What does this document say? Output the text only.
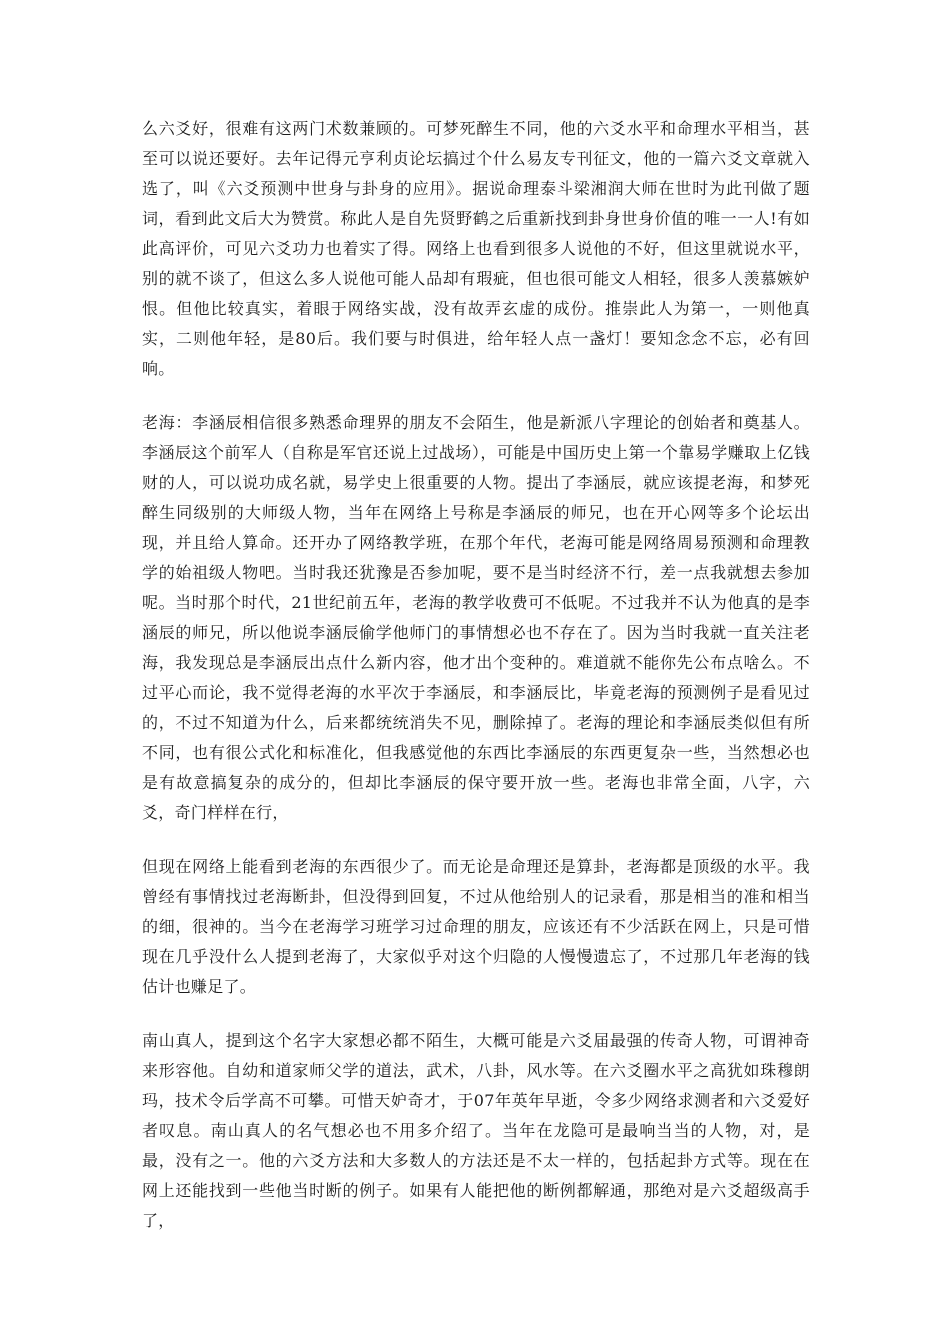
么六爻好，很难有这两门术数兼顾的。可梦死醉生不同，他的六爻水平和命理水平相当，甚至可以说还要好。去年记得元亨利贞论坛搞过个什么易友专刊征文，他的一篇六爻文章就入选了，叫《六爻预测中世身与卦身的应用》。据说命理泰斗梁湘润大师在世时为此刊做了题词，看到此文后大为赞赏。称此人是自先贤野鹤之后重新找到卦身世身价值的唯一一人!有如此高评价，可见六爻功力也着实了得。网络上也看到很多人说他的不好，但这里就说水平，别的就不谈了，但这么多人说他可能人品却有瑕疵，但也很可能文人相轻，很多人羡慕嫉妒恨。但他比较真实，着眼于网络实战，没有故弄玄虚的成份。推崇此人为第一，一则他真实，二则他年轻，是80后。我们要与时俱进，给年轻人点一盏灯！要知念念不忘，必有回响。

老海：李涵辰相信很多熟悉命理界的朋友不会陌生，他是新派八字理论的创始者和奠基人。李涵辰这个前军人（自称是军官还说上过战场），可能是中国历史上第一个靠易学赚取上亿钱财的人，可以说功成名就，易学史上很重要的人物。提出了李涵辰，就应该提老海，和梦死醉生同级别的大师级人物，当年在网络上号称是李涵辰的师兄，也在开心网等多个论坛出现，并且给人算命。还开办了网络教学班，在那个年代，老海可能是网络周易预测和命理教学的始祖级人物吧。当时我还犹豫是否参加呢，要不是当时经济不行，差一点我就想去参加呢。当时那个时代，21世纪前五年，老海的教学收费可不低呢。不过我并不认为他真的是李涵辰的师兄，所以他说李涵辰偷学他师门的事情想必也不存在了。因为当时我就一直关注老海，我发现总是李涵辰出点什么新内容，他才出个变种的。难道就不能你先公布点啥么。不过平心而论，我不觉得老海的水平次于李涵辰，和李涵辰比，毕竟老海的预测例子是看见过的，不过不知道为什么，后来都统统消失不见，删除掉了。老海的理论和李涵辰类似但有所不同，也有很公式化和标准化，但我感觉他的东西比李涵辰的东西更复杂一些，当然想必也是有故意搞复杂的成分的，但却比李涵辰的保守要开放一些。老海也非常全面，八字，六爻，奇门样样在行，

但现在网络上能看到老海的东西很少了。而无论是命理还是算卦，老海都是顶级的水平。我曾经有事情找过老海断卦，但没得到回复，不过从他给别人的记录看，那是相当的准和相当的细，很神的。当今在老海学习班学习过命理的朋友，应该还有不少活跃在网上，只是可惜现在几乎没什么人提到老海了，大家似乎对这个归隐的人慢慢遗忘了，不过那几年老海的钱估计也赚足了。

南山真人，提到这个名字大家想必都不陌生，大概可能是六爻届最强的传奇人物，可谓神奇来形容他。自幼和道家师父学的道法，武术，八卦，风水等。在六爻圈水平之高犹如珠穆朗玛，技术令后学高不可攀。可惜天妒奇才，于07年英年早逝，令多少网络求测者和六爻爱好者叹息。南山真人的名气想必也不用多介绍了。当年在龙隐可是最响当当的人物，对，是最，没有之一。他的六爻方法和大多数人的方法还是不太一样的，包括起卦方式等。现在在网上还能找到一些他当时断的例子。如果有人能把他的断例都解通，那绝对是六爻超级高手了，
